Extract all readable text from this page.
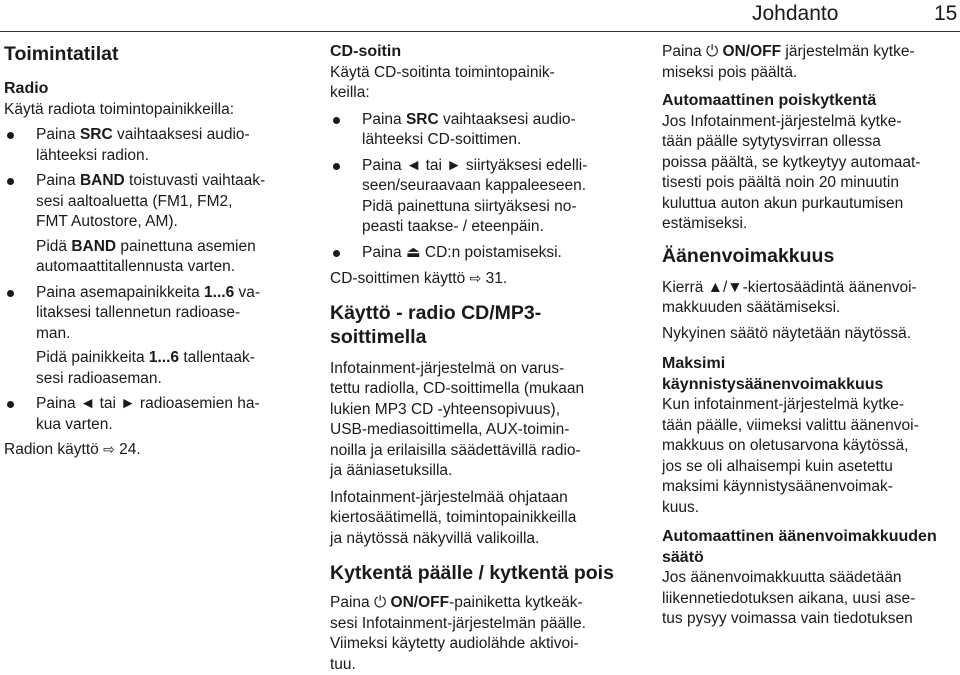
Johdanto	15

Toimintatilat

Radio

Käytä radiota toimintopainikkeilla:

Paina SRC vaihtaaksesi audio-
lähteeksi radion.
Paina BAND toistuvasti vaihtaak-
sesi aaltoaluetta (FM1, FM2,
FMT Autostore, AM).
Pidä BAND painettuna asemien
automaattitallennusta varten.
Paina asemapainikkeita 1...6 va-
litaksesi tallennetun radioase-
man.
Pidä painikkeita 1...6 tallentaak-
sesi radioaseman.
Paina ◄ tai ► radioasemien ha-
kua varten.

Radion käyttö ⇨ 24.

CD-soitin

Käytä CD-soitinta toimintopainik-

keilla:

Paina SRC vaihtaaksesi audio-
lähteeksi CD-soittimen.
Paina ◄ tai ► siirtyäksesi edelli-
seen/seuraavaan kappaleeseen.
Pidä painettuna siirtyäksesi no-
peasti taakse- / eteenpäin.
Paina ⏏ CD:n poistamiseksi.

CD-soittimen käyttö ⇨ 31.

Käyttö - radio CD/MP3-soittimella

Infotainment-järjestelmä on varus-
tettu radiolla, CD-soittimella (mukaan
lukien MP3 CD -yhteensopivuus),
USB-mediasoittimella, AUX-toimin-
noilla ja erilaisilla säädettävillä radio-
ja ääniasetuksilla.
Infotainment-järjestelmää ohjataan
kiertosäätimellä, toimintopainikkeilla
ja näytössä näkyvillä valikoilla.

Kytkentä päälle / kytkentä pois

Paina ⏻ ON/OFF-painiketta kytkeäk-
sesi Infotainment-järjestelmän päälle.
Viimeksi käytetty audiolähde aktivoi-
tuu.
Paina ⏻ ON/OFF järjestelmän kytke-
miseksi pois päältä.

Automaattinen poiskytkentä

Jos Infotainment-järjestelmä kytke-
tään päälle sytytysvirran ollessa
poissa päältä, se kytkeytyy automaat-
tisesti pois päältä noin 20 minuutin
kuluttua auton akun purkautumisen
estämiseksi.

Äänenvoimakkuus

Kierrä ▲/▼-kiertosäädintä äänenvoi-
makkuuden säätämiseksi.

Nykyinen säätö näytetään näytössä.

Maksimi
käynnistysäänenvoimakkuus

Kun infotainment-järjestelmä kytke-
tään päälle, viimeksi valittu äänenvoi-
makkuus on oletusarvona käytössä,
jos se oli alhaisempi kuin asetettu
maksimi käynnistysäänenvoimak-
kuus.

Automaattinen äänenvoimakkuuden
säätö

Jos äänenvoimakkuutta säädetään
liikennetiedotuksen aikana, uusi ase-
tus pysyy voimassa vain tiedotuksen
